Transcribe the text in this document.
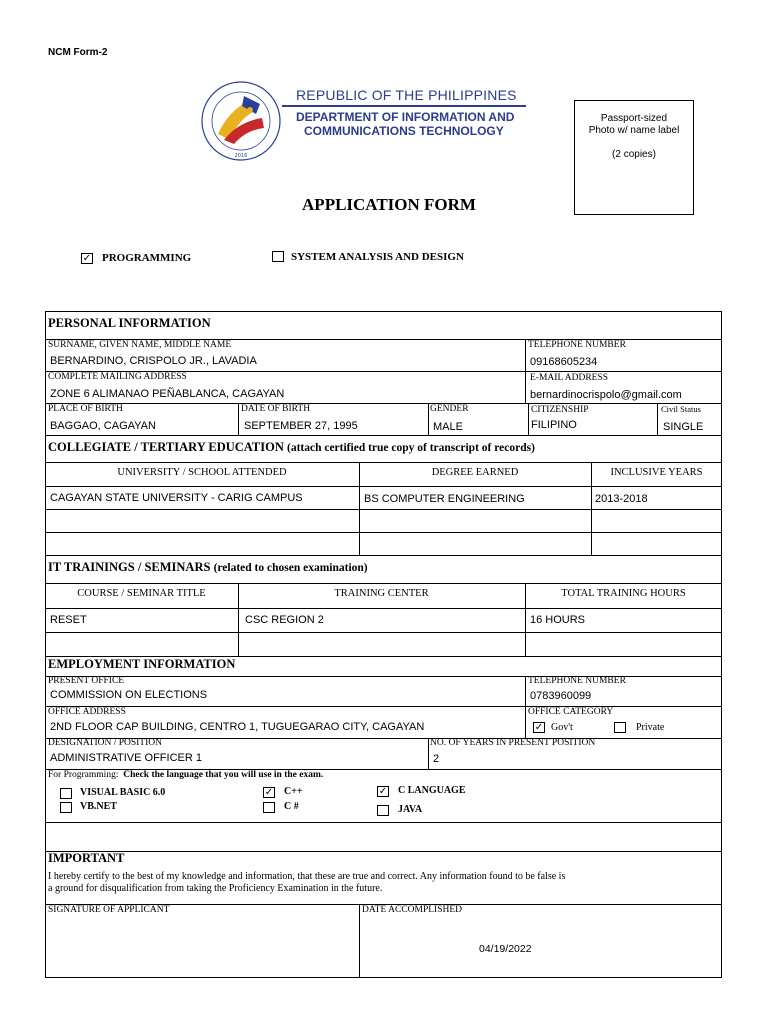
NCM Form-2
2016
REPUBLIC OF THE PHILIPPINES
DEPARTMENT OF INFORMATION AND
COMMUNICATIONS TECHNOLOGY
Passport-sized
Photo w/ name label
(2 copies)
APPLICATION FORM
✓ PROGRAMMING	SYSTEM ANALYSIS AND DESIGN
PERSONAL INFORMATION
SURNAME, GIVEN NAME, MIDDLE NAME
BERNARDINO, CRISPOLO JR., LAVADIA
TELEPHONE NUMBER
09168605234
COMPLETE MAILING ADDRESS
ZONE 6 ALIMANAO PEÑABLANCA, CAGAYAN
E-MAIL ADDRESS
bernardinocrispolo@gmail.com
PLACE OF BIRTH
BAGGAO, CAGAYAN
DATE OF BIRTH
SEPTEMBER 27, 1995
GENDER
MALE
CITIZENSHIP
FILIPINO
Civil Status
SINGLE
COLLEGIATE / TERTIARY EDUCATION (attach certified true copy of transcript of records)
UNIVERSITY / SCHOOL ATTENDED	DEGREE EARNED	INCLUSIVE YEARS
CAGAYAN STATE UNIVERSITY - CARIG CAMPUS	BS COMPUTER ENGINEERING	2013-2018
IT TRAININGS / SEMINARS (related to chosen examination)
COURSE / SEMINAR TITLE	TRAINING CENTER	TOTAL TRAINING HOURS
RESET	CSC REGION 2	16 HOURS
EMPLOYMENT INFORMATION
PRESENT OFFICE
COMMISSION ON ELECTIONS
TELEPHONE NUMBER
0783960099
OFFICE ADDRESS
2ND FLOOR CAP BUILDING, CENTRO 1, TUGUEGARAO CITY, CAGAYAN
OFFICE CATEGORY
✓ Gov't	Private
DESIGNATION / POSITION
ADMINISTRATIVE OFFICER 1
NO. OF YEARS IN PRESENT POSITION
2
For Programming: Check the language that you will use in the exam.
VISUAL BASIC 6.0
VB.NET
✓ C++
C #
✓ C LANGUAGE
JAVA
IMPORTANT
I hereby certify to the best of my knowledge and information, that these are true and correct. Any information found to be false is
a ground for disqualification from taking the Proficiency Examination in the future.
SIGNATURE OF APPLICANT	DATE ACCOMPLISHED
04/19/2022
